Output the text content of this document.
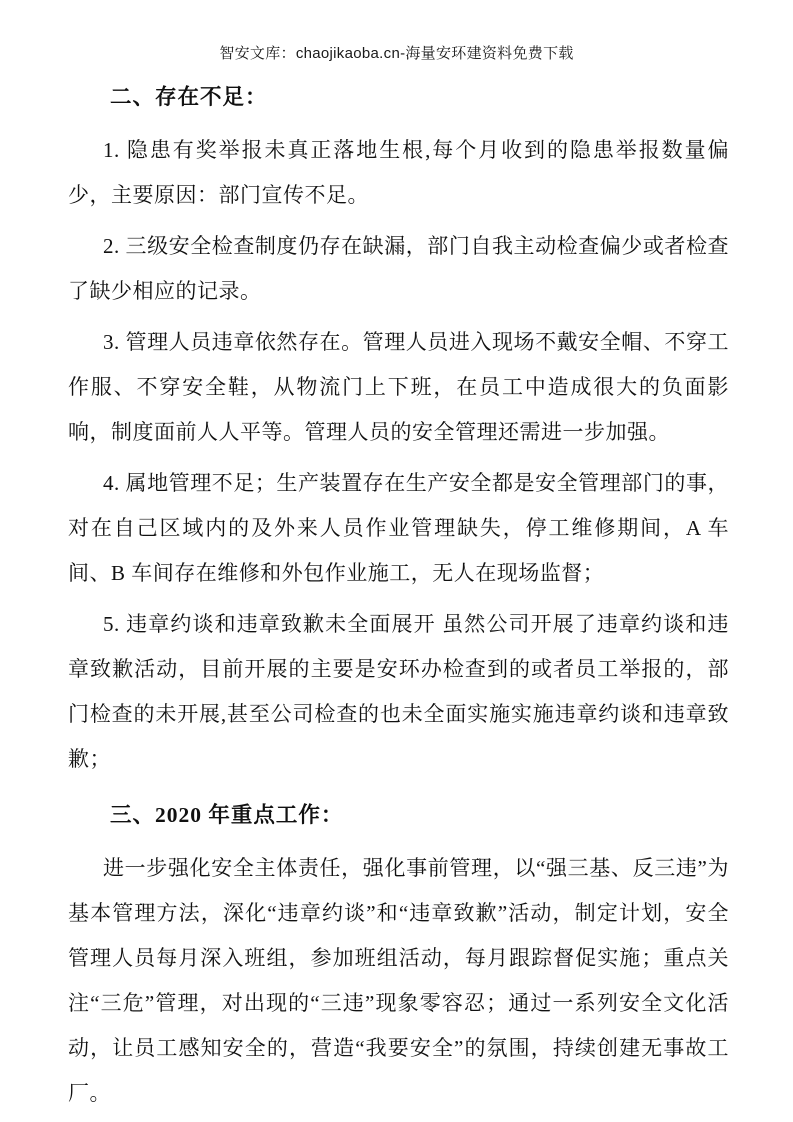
智安文库：chaojikaoba.cn-海量安环建资料免费下载
二、存在不足：

1. 隐患有奖举报未真正落地生根,每个月收到的隐患举报数量偏少，主要原因：部门宣传不足。

2. 三级安全检查制度仍存在缺漏，部门自我主动检查偏少或者检查了缺少相应的记录。

3. 管理人员违章依然存在。管理人员进入现场不戴安全帽、不穿工作服、不穿安全鞋，从物流门上下班，在员工中造成很大的负面影响，制度面前人人平等。管理人员的安全管理还需进一步加强。

4. 属地管理不足；生产装置存在生产安全都是安全管理部门的事，对在自己区域内的及外来人员作业管理缺失，停工维修期间，A 车间、B 车间存在维修和外包作业施工，无人在现场监督；

5. 违章约谈和违章致歉未全面展开 虽然公司开展了违章约谈和违章致歉活动，目前开展的主要是安环办检查到的或者员工举报的，部门检查的未开展,甚至公司检查的也未全面实施实施违章约谈和违章致歉；

三、2020 年重点工作：

进一步强化安全主体责任，强化事前管理，以“强三基、反三违”为基本管理方法，深化“违章约谈”和“违章致歉”活动，制定计划，安全管理人员每月深入班组，参加班组活动，每月跟踪督促实施；重点关注“三危”管理，对出现的“三违”现象零容忍；通过一系列安全文化活动，让员工感知安全的，营造“我要安全”的氛围，持续创建无事故工厂。
